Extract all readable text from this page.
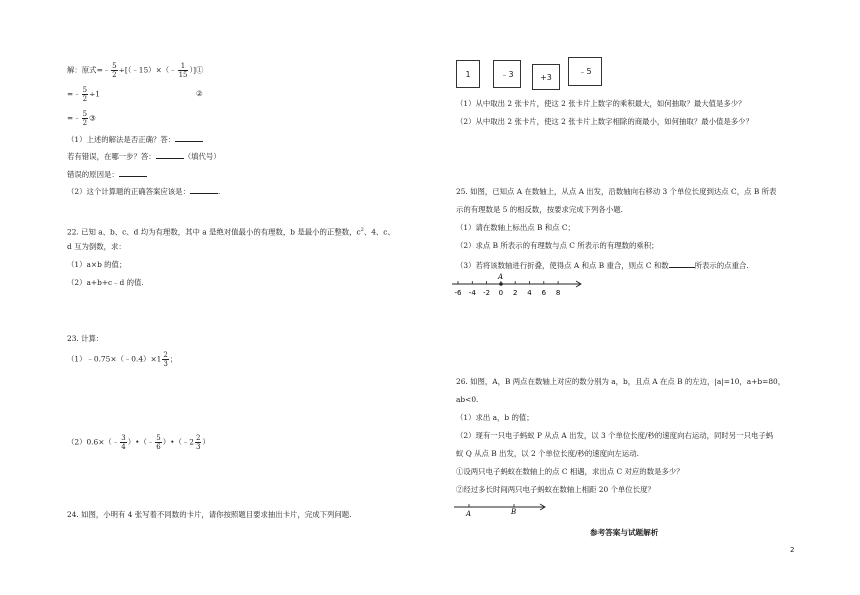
解：原式=﹣ $\frac{5}{2}$ ÷[（﹣15）×（﹣ $\frac{1}{15}$ ）]①
=﹣ $\frac{5}{2} \div 1$	②
=﹣ $\frac{5}{2}$ ③
（1）上述的解法是否正确？答：
若有错误，在哪一步？答：	（填代号）
错误的原因是：
（2）这个计算题的正确答案应该是：	.
22. 已知 a、b、c、d 均为有理数，其中 a 是绝对值最小的有理数，b 是最小的正整数，$c^2$、4、c、
d 互为倒数，求：
（1）a×b 的值；
（2）a+b+c﹣d 的值.
23. 计算：
（1）﹣0.75×（﹣0.4）×1 $\frac{2}{3}$ ；
（2）0.6×（﹣ $\frac{3}{4}$ ）•（﹣ $\frac{5}{6}$ ）•（﹣2 $\frac{2}{3}$ ）
24. 如图，小明有 4 张写着不同数的卡片，请你按照题目要求抽出卡片，完成下列问题.
1	﹣3	+3
﹣5
（1）从中取出 2 张卡片，使这 2 张卡片上数字的乘积最大，如何抽取？最大值是多少？
（2）从中取出 2 张卡片，使这 2 张卡片上数字相除的商最小，如何抽取？最小值是多少？
25. 如图，已知点 A 在数轴上，从点 A 出发，沿数轴向右移动 3 个单位长度到达点 C，点 B 所表
示的有理数是 5 的相反数，按要求完成下列各小题.
（1）请在数轴上标出点 B 和点 C；
（2）求点 B 所表示的有理数与点 C 所表示的有理数的乘积；
（3）若将该数轴进行折叠，使得点 A 和点 B 重合，则点 C 和数	所表示的点重合.
-6 -4 -2 0 2 4 6 8
A
26. 如图，A，B 两点在数轴上对应的数分别为 a，b，且点 A 在点 B 的左边，|a|=10，a+b=80，
ab<0.
（1）求出 a，b 的值；
（2）现有一只电子蚂蚁 P 从点 A 出发，以 3 个单位长度/秒的速度向右运动，同时另一只电子蚂
蚁 Q 从点 B 出发，以 2 个单位长度/秒的速度向左运动.
①设两只电子蚂蚁在数轴上的点 C 相遇，求出点 C 对应的数是多少？
②经过多长时间两只电子蚂蚁在数轴上相距 20 个单位长度？
A	B
参考答案与试题解析
2
